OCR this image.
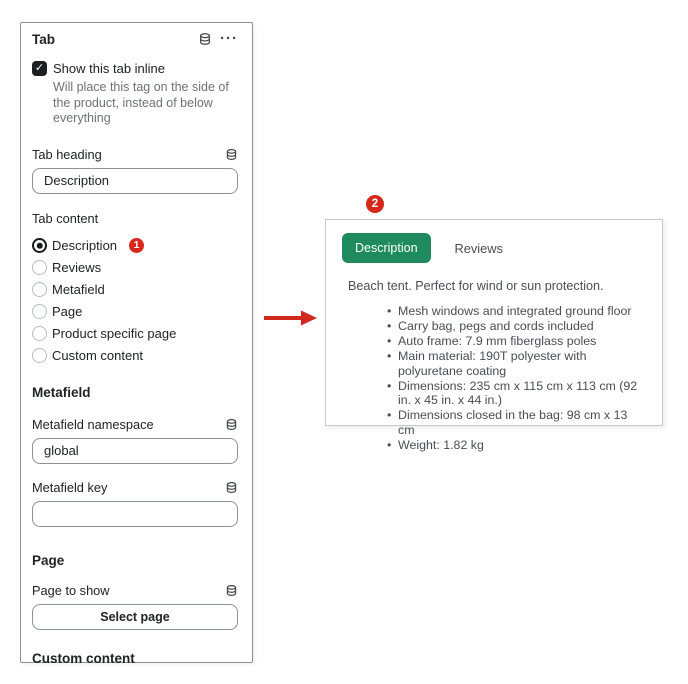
Tab	···
✓ Show this tab inline
Will place this tag on the side of the product, instead of below everything
Tab heading
Description
Tab content
Description	1
Reviews
Metafield
Page
Product specific page
Custom content
Metafield
Metafield namespace
global
Metafield key
Page
Page to show
Select page
Custom content
2
Description	Reviews
Beach tent. Perfect for wind or sun protection.
• Mesh windows and integrated ground floor
• Carry bag, pegs and cords included
• Auto frame: 7.9 mm fiberglass poles
• Main material: 190T polyester with polyuretane coating
• Dimensions: 235 cm x 115 cm x 113 cm (92 in. x 45 in. x 44 in.)
• Dimensions closed in the bag: 98 cm x 13 cm
• Weight: 1.82 kg
